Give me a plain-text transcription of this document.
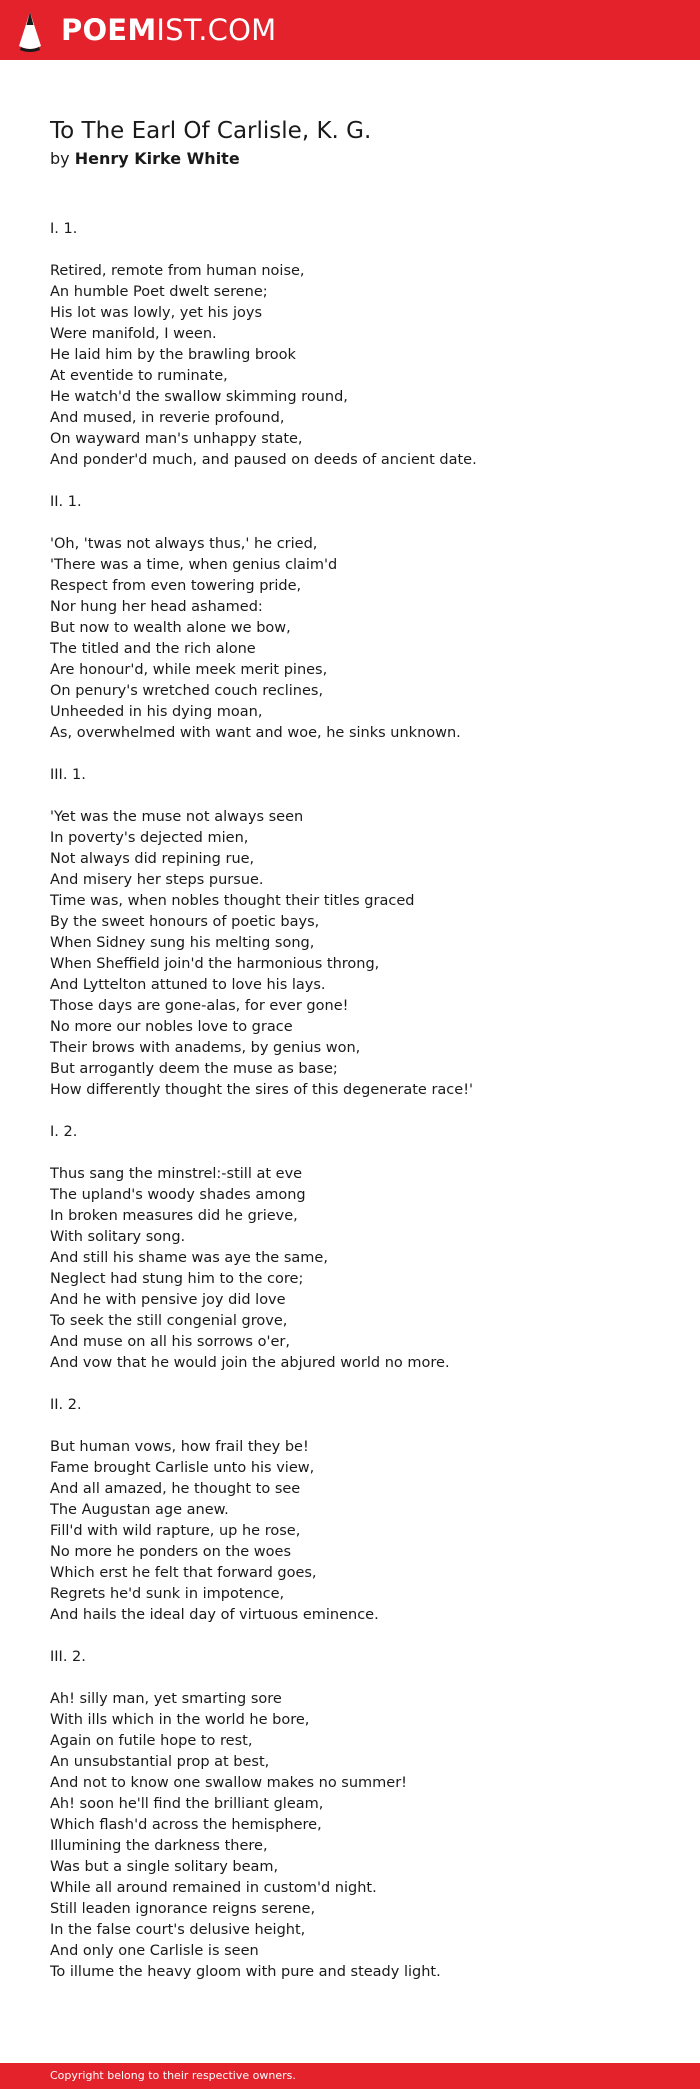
POEMIST.COM
To The Earl Of Carlisle, K. G.
by Henry Kirke White
I. 1.
Retired, remote from human noise,
An humble Poet dwelt serene;
His lot was lowly, yet his joys
Were manifold, I ween.
He laid him by the brawling brook
At eventide to ruminate,
He watch'd the swallow skimming round,
And mused, in reverie profound,
On wayward man's unhappy state,
And ponder'd much, and paused on deeds of ancient date.
II. 1.
'Oh, 'twas not always thus,' he cried,
'There was a time, when genius claim'd
Respect from even towering pride,
Nor hung her head ashamed:
But now to wealth alone we bow,
The titled and the rich alone
Are honour'd, while meek merit pines,
On penury's wretched couch reclines,
Unheeded in his dying moan,
As, overwhelmed with want and woe, he sinks unknown.
III. 1.
'Yet was the muse not always seen
In poverty's dejected mien,
Not always did repining rue,
And misery her steps pursue.
Time was, when nobles thought their titles graced
By the sweet honours of poetic bays,
When Sidney sung his melting song,
When Sheffield join'd the harmonious throng,
And Lyttelton attuned to love his lays.
Those days are gone-alas, for ever gone!
No more our nobles love to grace
Their brows with anadems, by genius won,
But arrogantly deem the muse as base;
How differently thought the sires of this degenerate race!'
I. 2.
Thus sang the minstrel:-still at eve
The upland's woody shades among
In broken measures did he grieve,
With solitary song.
And still his shame was aye the same,
Neglect had stung him to the core;
And he with pensive joy did love
To seek the still congenial grove,
And muse on all his sorrows o'er,
And vow that he would join the abjured world no more.
II. 2.
But human vows, how frail they be!
Fame brought Carlisle unto his view,
And all amazed, he thought to see
The Augustan age anew.
Fill'd with wild rapture, up he rose,
No more he ponders on the woes
Which erst he felt that forward goes,
Regrets he'd sunk in impotence,
And hails the ideal day of virtuous eminence.
III. 2.
Ah! silly man, yet smarting sore
With ills which in the world he bore,
Again on futile hope to rest,
An unsubstantial prop at best,
And not to know one swallow makes no summer!
Ah! soon he'll find the brilliant gleam,
Which flash'd across the hemisphere,
Illumining the darkness there,
Was but a single solitary beam,
While all around remained in custom'd night.
Still leaden ignorance reigns serene,
In the false court's delusive height,
And only one Carlisle is seen
To illume the heavy gloom with pure and steady light.
Copyright belong to their respective owners.
